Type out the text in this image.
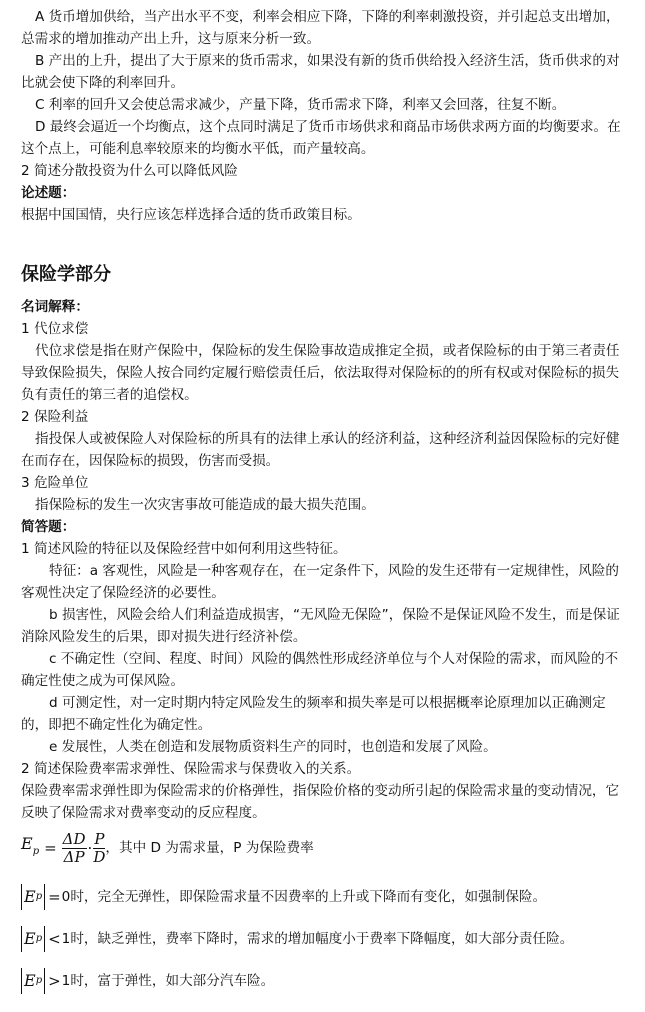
A 货币增加供给，当产出水平不变，利率会相应下降，下降的利率刺激投资，并引起总支出增加，总需求的增加推动产出上升，这与原来分析一致。

B 产出的上升，提出了大于原来的货币需求，如果没有新的货币供给投入经济生活，货币供求的对比就会使下降的利率回升。

C 利率的回升又会使总需求减少，产量下降，货币需求下降，利率又会回落，往复不断。

D 最终会逼近一个均衡点，这个点同时满足了货币市场供求和商品市场供求两方面的均衡要求。在这个点上，可能利息率较原来的均衡水平低，而产量较高。

2 简述分散投资为什么可以降低风险

论述题：

根据中国国情，央行应该怎样选择合适的货币政策目标。

保险学部分

名词解释：

1 代位求偿

代位求偿是指在财产保险中，保险标的发生保险事故造成推定全损，或者保险标的由于第三者责任导致保险损失，保险人按合同约定履行赔偿责任后，依法取得对保险标的的所有权或对保险标的损失负有责任的第三者的追偿权。

2 保险利益

指投保人或被保险人对保险标的所具有的法律上承认的经济利益，这种经济利益因保险标的完好健在而存在，因保险标的损毁，伤害而受损。

3 危险单位

指保险标的发生一次灾害事故可能造成的最大损失范围。

简答题：

1 简述风险的特征以及保险经营中如何利用这些特征。

特征：a 客观性，风险是一种客观存在，在一定条件下，风险的发生还带有一定规律性，风险的客观性决定了保险经济的必要性。

b 损害性，风险会给人们利益造成损害，“无风险无保险”，保险不是保证风险不发生，而是保证消除风险发生的后果，即对损失进行经济补偿。

c 不确定性（空间、程度、时间）风险的偶然性形成经济单位与个人对保险的需求，而风险的不确定性使之成为可保风险。

d 可测定性，对一定时期内特定风险发生的频率和损失率是可以根据概率论原理加以正确测定的，即把不确定性化为确定性。

e 发展性，人类在创造和发展物质资料生产的同时，也创造和发展了风险。

2 简述保险费率需求弹性、保险需求与保费收入的关系。

保险费率需求弹性即为保险需求的价格弹性，指保险价格的变动所引起的保险需求量的变动情况，它反映了保险需求对费率变动的反应程度。

$E_p = \frac{\Delta D}{\Delta P} \cdot \frac{P}{D}$ ，其中 D 为需求量，P 为保险费率
E p = 0 时，完全无弹性，即保险需求量不因费率的上升或下降而有变化，如强制保险。
E p < 1 时，缺乏弹性，费率下降时，需求的增加幅度小于费率下降幅度，如大部分责任险。
E p > 1 时，富于弹性，如大部分汽车险。
